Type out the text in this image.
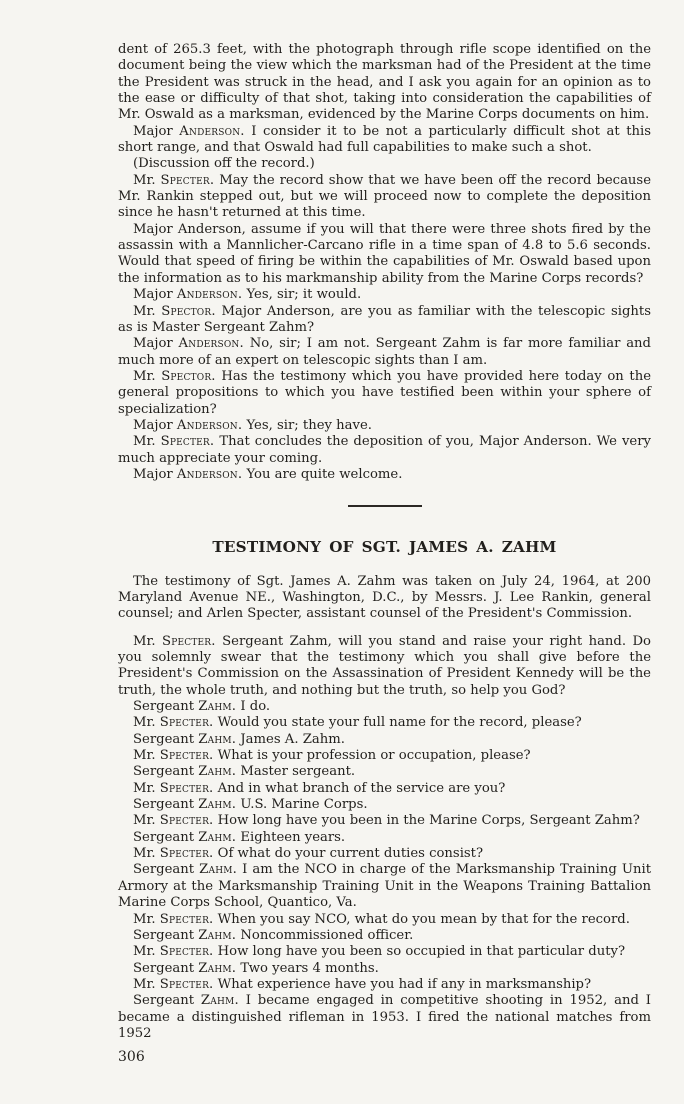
dent of 265.3 feet, with the photograph through rifle scope identified on the document being the view which the marksman had of the President at the time the President was struck in the head, and I ask you again for an opinion as to the ease or difficulty of that shot, taking into consideration the capabilities of Mr. Oswald as a marksman, evidenced by the Marine Corps documents on him.

Major Anderson. I consider it to be not a particularly difficult shot at this short range, and that Oswald had full capabilities to make such a shot.

(Discussion off the record.)

Mr. Specter. May the record show that we have been off the record because Mr. Rankin stepped out, but we will proceed now to complete the deposition since he hasn't returned at this time.

Major Anderson, assume if you will that there were three shots fired by the assassin with a Mannlicher-Carcano rifle in a time span of 4.8 to 5.6 seconds. Would that speed of firing be within the capabilities of Mr. Oswald based upon the information as to his markmanship ability from the Marine Corps records?

Major Anderson. Yes, sir; it would.

Mr. Spector. Major Anderson, are you as familiar with the telescopic sights as is Master Sergeant Zahm?

Major Anderson. No, sir; I am not. Sergeant Zahm is far more familiar and much more of an expert on telescopic sights than I am.

Mr. Spector. Has the testimony which you have provided here today on the general propositions to which you have testified been within your sphere of specialization?

Major Anderson. Yes, sir; they have.

Mr. Specter. That concludes the deposition of you, Major Anderson. We very much appreciate your coming.

Major Anderson. You are quite welcome.

TESTIMONY OF SGT. JAMES A. ZAHM

The testimony of Sgt. James A. Zahm was taken on July 24, 1964, at 200 Maryland Avenue NE., Washington, D.C., by Messrs. J. Lee Rankin, general counsel; and Arlen Specter, assistant counsel of the President's Commission.

Mr. Specter. Sergeant Zahm, will you stand and raise your right hand. Do you solemnly swear that the testimony which you shall give before the President's Commission on the Assassination of President Kennedy will be the truth, the whole truth, and nothing but the truth, so help you God?

Sergeant Zahm. I do.

Mr. Specter. Would you state your full name for the record, please?

Sergeant Zahm. James A. Zahm.

Mr. Specter. What is your profession or occupation, please?

Sergeant Zahm. Master sergeant.

Mr. Specter. And in what branch of the service are you?

Sergeant Zahm. U.S. Marine Corps.

Mr. Specter. How long have you been in the Marine Corps, Sergeant Zahm?

Sergeant Zahm. Eighteen years.

Mr. Specter. Of what do your current duties consist?

Sergeant Zahm. I am the NCO in charge of the Marksmanship Training Unit Armory at the Marksmanship Training Unit in the Weapons Training Battalion Marine Corps School, Quantico, Va.

Mr. Specter. When you say NCO, what do you mean by that for the record.

Sergeant Zahm. Noncommissioned officer.

Mr. Specter. How long have you been so occupied in that particular duty?

Sergeant Zahm. Two years 4 months.

Mr. Specter. What experience have you had if any in marksmanship?

Sergeant Zahm. I became engaged in competitive shooting in 1952, and I became a distinguished rifleman in 1953. I fired the national matches from 1952

306
